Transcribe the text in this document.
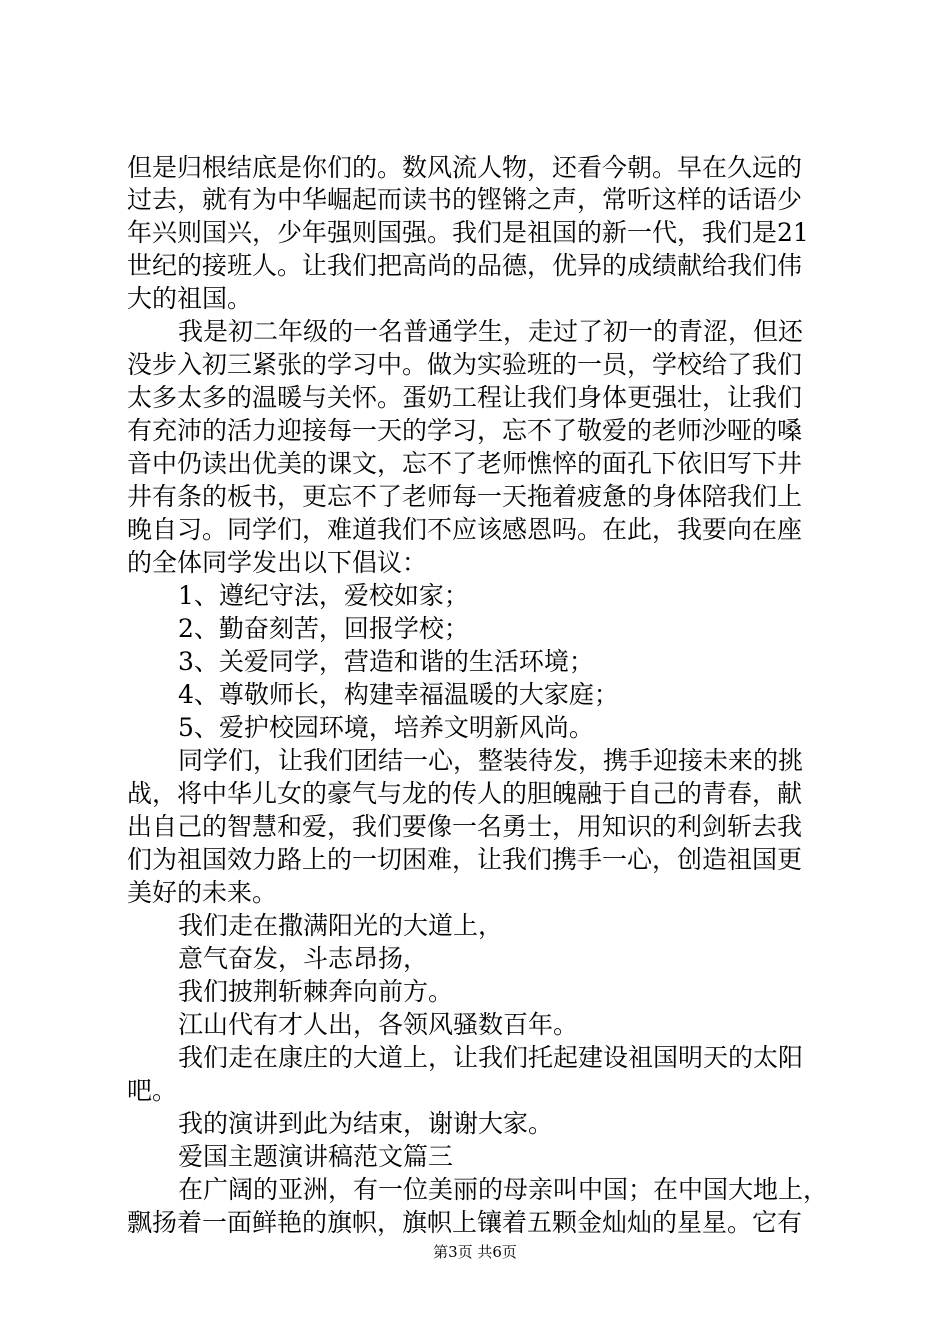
但是归根结底是你们的。数风流人物，还看今朝。早在久远的
过去，就有为中华崛起而读书的铿锵之声，常听这样的话语少
年兴则国兴，少年强则国强。我们是祖国的新一代，我们是21
世纪的接班人。让我们把高尚的品德，优异的成绩献给我们伟
大的祖国。
我是初二年级的一名普通学生，走过了初一的青涩，但还
没步入初三紧张的学习中。做为实验班的一员，学校给了我们
太多太多的温暖与关怀。蛋奶工程让我们身体更强壮，让我们
有充沛的活力迎接每一天的学习，忘不了敬爱的老师沙哑的嗓
音中仍读出优美的课文，忘不了老师憔悴的面孔下依旧写下井
井有条的板书，更忘不了老师每一天拖着疲惫的身体陪我们上
晚自习。同学们，难道我们不应该感恩吗。在此，我要向在座
的全体同学发出以下倡议：
1、遵纪守法，爱校如家；
2、勤奋刻苦，回报学校；
3、关爱同学，营造和谐的生活环境；
4、尊敬师长，构建幸福温暖的大家庭；
5、爱护校园环境，培养文明新风尚。
同学们，让我们团结一心，整装待发，携手迎接未来的挑
战，将中华儿女的豪气与龙的传人的胆魄融于自己的青春，献
出自己的智慧和爱，我们要像一名勇士，用知识的利剑斩去我
们为祖国效力路上的一切困难，让我们携手一心，创造祖国更
美好的未来。
我们走在撒满阳光的大道上，
意气奋发，斗志昂扬，
我们披荆斩棘奔向前方。
江山代有才人出，各领风骚数百年。
我们走在康庄的大道上，让我们托起建设祖国明天的太阳
吧。
我的演讲到此为结束，谢谢大家。
爱国主题演讲稿范文篇三
在广阔的亚洲，有一位美丽的母亲叫中国；在中国大地上，
飘扬着一面鲜艳的旗帜，旗帜上镶着五颗金灿灿的星星。它有
第3页 共6页
